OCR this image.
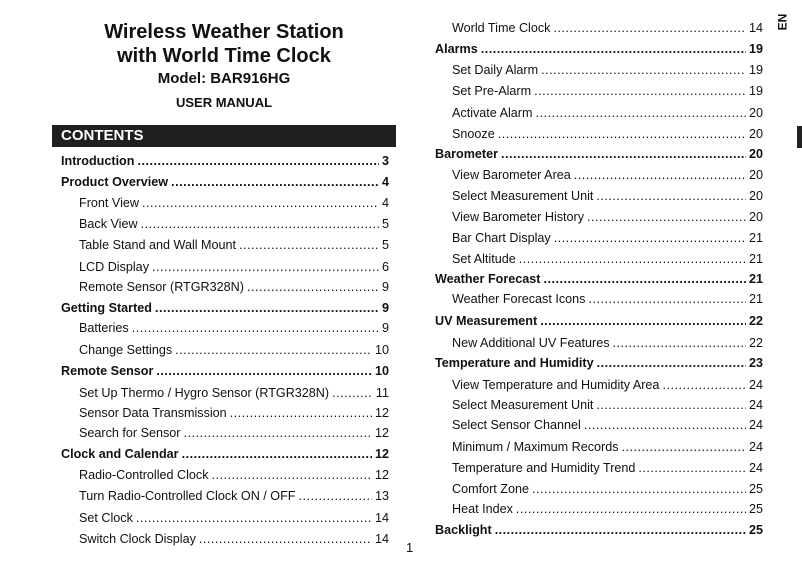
Wireless Weather Station
with World Time Clock
Model: BAR916HG
USER MANUAL
CONTENTS
Introduction .....	3
Product Overview .....	4
Front View .....	4
Back View .....	5
Table Stand and Wall Mount .....	5
LCD Display .....	6
Remote Sensor (RTGR328N) .....	9
Getting Started .....	9
Batteries .....	9
Change Settings .....	10
Remote Sensor .....	10
Set Up Thermo / Hygro Sensor (RTGR328N) .....	11
Sensor Data Transmission .....	12
Search for Sensor .....	12
Clock and Calendar .....	12
Radio-Controlled Clock .....	12
Turn Radio-Controlled Clock ON / OFF .....	13
Set Clock .....	14
Switch Clock Display .....	14
World Time Clock .....	14
Alarms .....	19
Set Daily Alarm .....	19
Set Pre-Alarm .....	19
Activate Alarm .....	20
Snooze .....	20
Barometer .....	20
View Barometer Area .....	20
Select Measurement Unit .....	20
View Barometer History .....	20
Bar Chart Display .....	21
Set Altitude .....	21
Weather Forecast .....	21
Weather Forecast Icons .....	21
UV Measurement .....	22
New Additional UV Features .....	22
Temperature and Humidity .....	23
View Temperature and Humidity Area .....	24
Select Measurement Unit .....	24
Select Sensor Channel .....	24
Minimum / Maximum Records .....	24
Temperature and Humidity Trend .....	24
Comfort Zone .....	25
Heat Index .....	25
Backlight .....	25
1
EN
